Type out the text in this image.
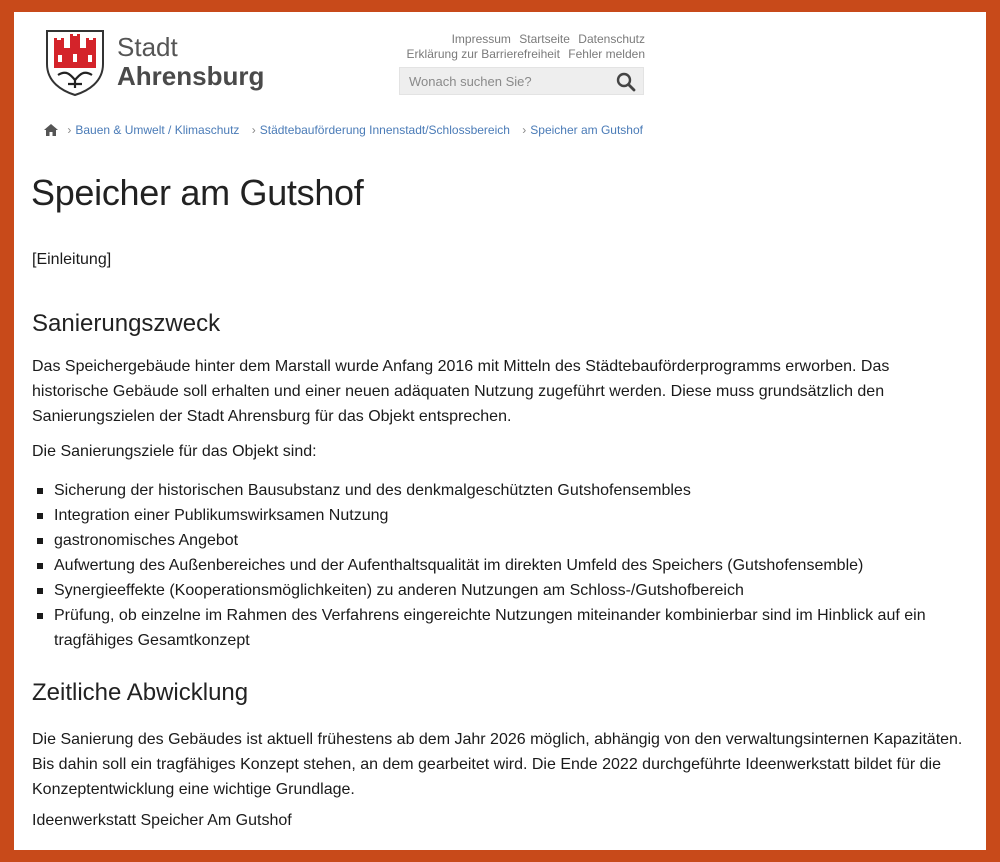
Stadt
Ahrensburg
Impressum Startseite Datenschutz
Erklärung zur Barrierefreiheit Fehler melden
Wonach suchen Sie?
› Bauen & Umwelt / Klimaschutz › Städtebauförderung Innenstadt/Schlossbereich › Speicher am Gutshof
Speicher am Gutshof

[Einleitung]

Sanierungszweck

Das Speichergebäude hinter dem Marstall wurde Anfang 2016 mit Mitteln des Städtebauförderprogramms erworben. Das historische Gebäude soll erhalten und einer neuen adäquaten Nutzung zugeführt werden. Diese muss grundsätzlich den Sanierungszielen der Stadt Ahrensburg für das Objekt entsprechen.

Die Sanierungsziele für das Objekt sind:

Sicherung der historischen Bausubstanz und des denkmalgeschützten Gutshofensembles
Integration einer Publikumswirksamen Nutzung
gastronomisches Angebot
Aufwertung des Außenbereiches und der Aufenthaltsqualität im direkten Umfeld des Speichers (Gutshofensemble)
Synergieeffekte (Kooperationsmöglichkeiten) zu anderen Nutzungen am Schloss-/Gutshofbereich
Prüfung, ob einzelne im Rahmen des Verfahrens eingereichte Nutzungen miteinander kombinierbar sind im Hinblick auf ein tragfähiges Gesamtkonzept
Zeitliche Abwicklung

Die Sanierung des Gebäudes ist aktuell frühestens ab dem Jahr 2026 möglich, abhängig von den verwaltungsinternen Kapazitäten. Bis dahin soll ein tragfähiges Konzept stehen, an dem gearbeitet wird. Die Ende 2022 durchgeführte Ideenwerkstatt bildet für die Konzeptentwicklung eine wichtige Grundlage.

Ideenwerkstatt Speicher Am Gutshof
